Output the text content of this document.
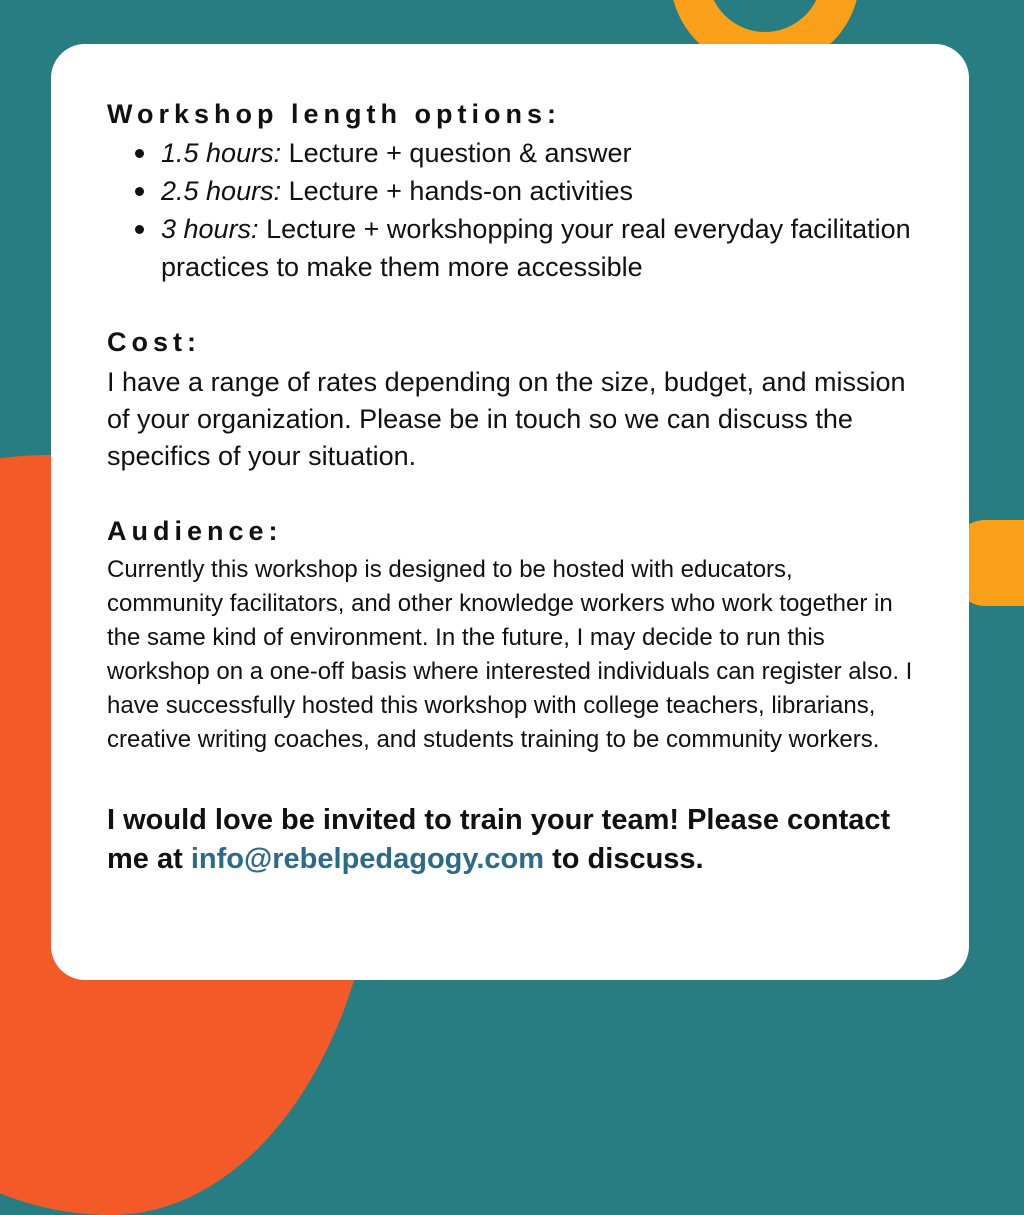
Workshop length options:
1.5 hours: Lecture + question & answer
2.5 hours: Lecture + hands-on activities
3 hours: Lecture + workshopping your real everyday facilitation practices to make them more accessible
Cost:

I have a range of rates depending on the size, budget, and mission of your organization. Please be in touch so we can discuss the specifics of your situation.

Audience:

Currently this workshop is designed to be hosted with educators, community facilitators, and other knowledge workers who work together in the same kind of environment. In the future, I may decide to run this workshop on a one-off basis where interested individuals can register also. I have successfully hosted this workshop with college teachers, librarians, creative writing coaches, and students training to be community workers.

I would love be invited to train your team! Please contact me at info@rebelpedagogy.com to discuss.
